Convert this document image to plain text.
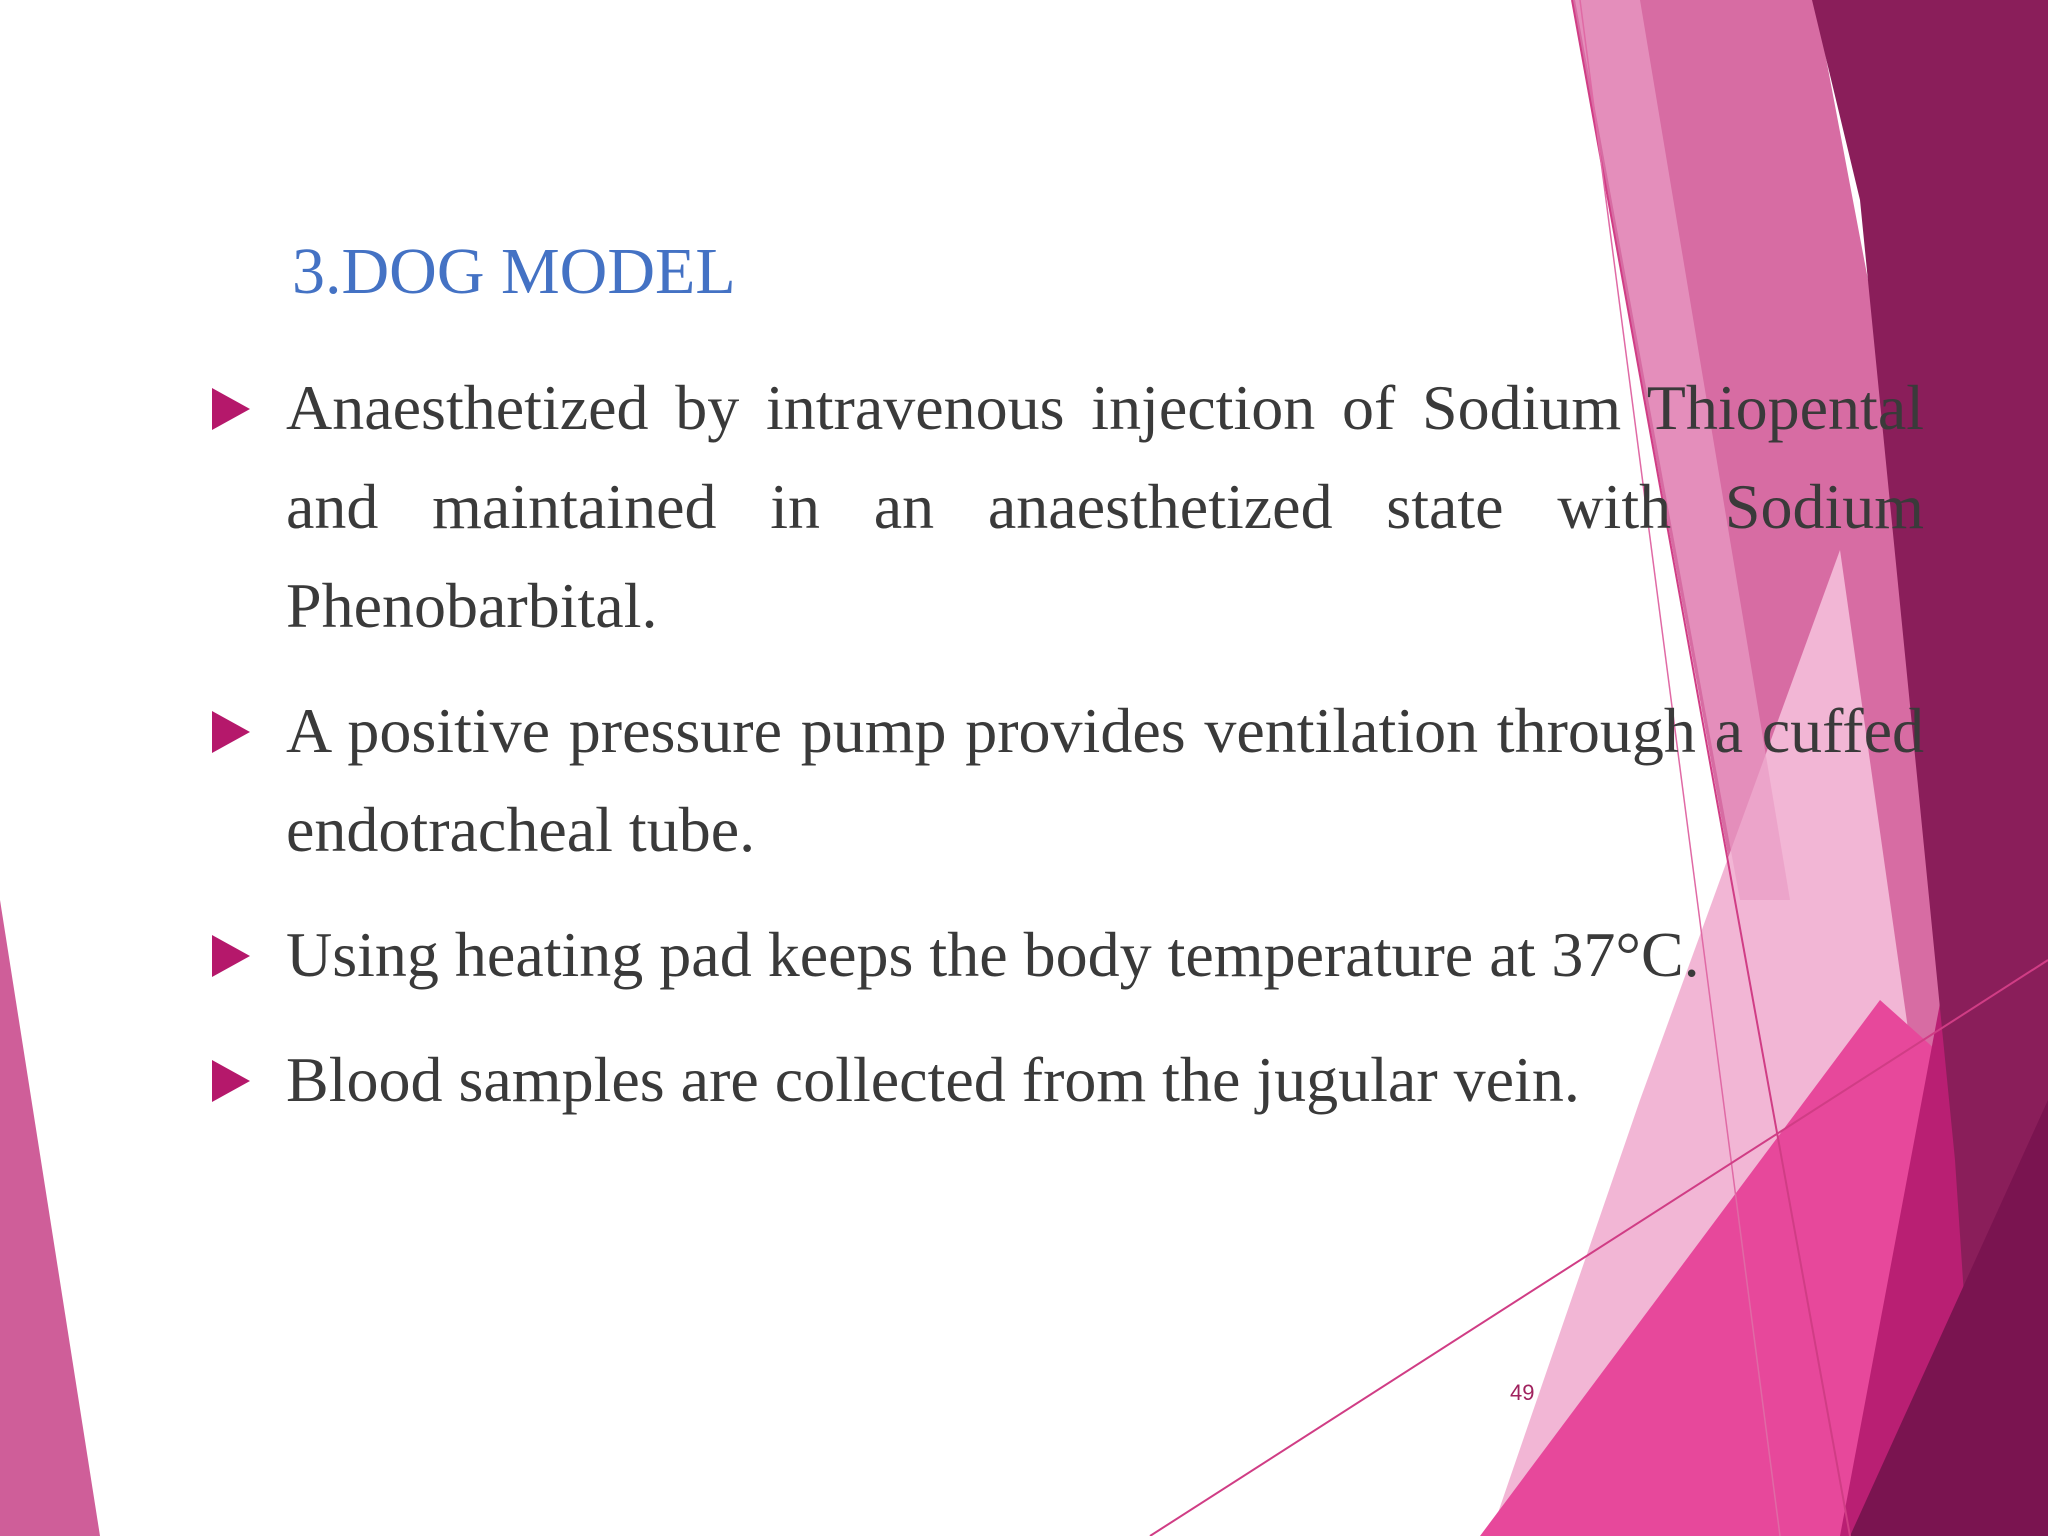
3.DOG MODEL
Anaesthetized by intravenous injection of Sodium Thiopental and maintained in an anaesthetized state with Sodium Phenobarbital.
A positive pressure pump provides ventilation through a cuffed endotracheal tube.
Using heating pad keeps the body temperature at 37°C.
Blood samples are collected from the jugular vein.
49
